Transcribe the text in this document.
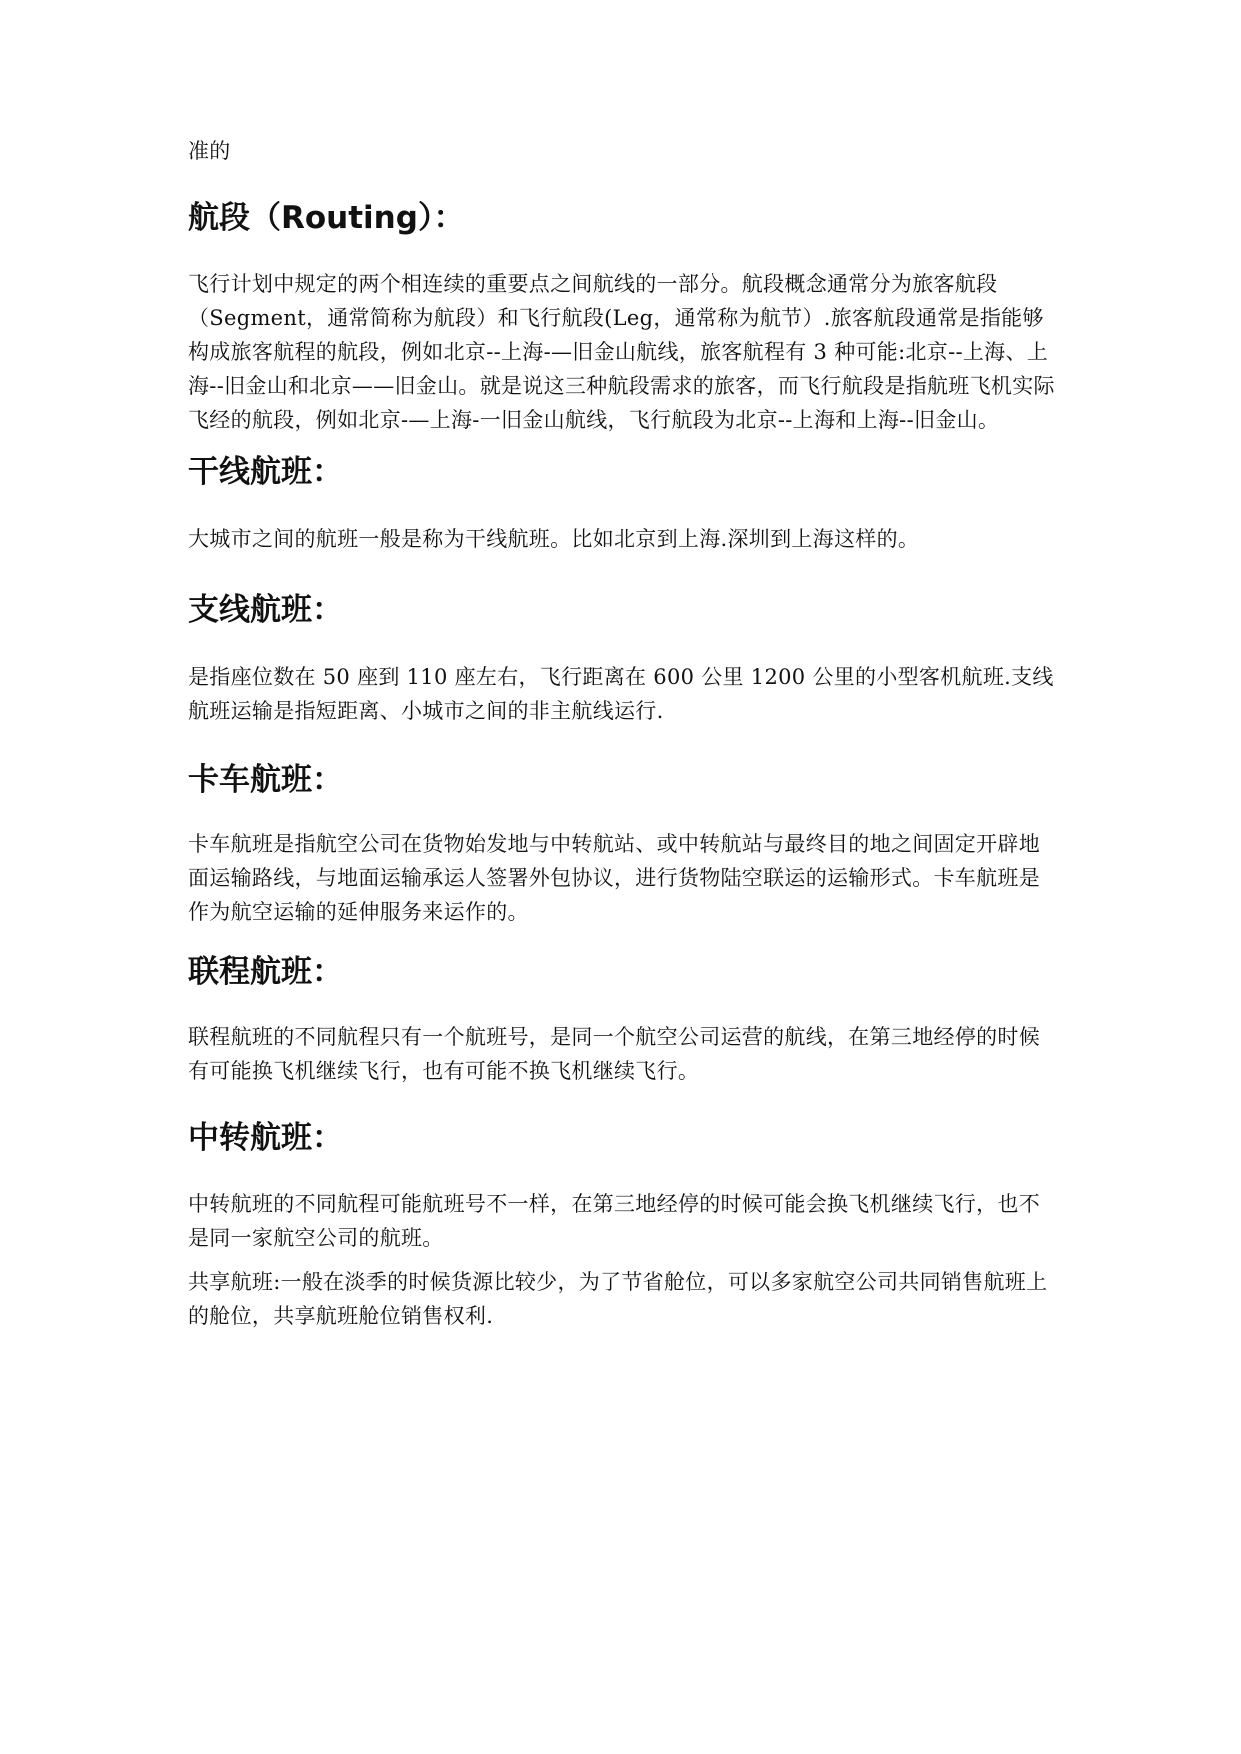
准的

航段（Routing）：

飞行计划中规定的两个相连续的重要点之间航线的一部分。航段概念通常分为旅客航段（Segment，通常简称为航段）和飞行航段(Leg，通常称为航节）.旅客航段通常是指能够构成旅客航程的航段，例如北京--上海-—旧金山航线，旅客航程有 3 种可能:北京--上海、上海--旧金山和北京——旧金山。就是说这三种航段需求的旅客，而飞行航段是指航班飞机实际飞经的航段，例如北京-—上海-一旧金山航线，飞行航段为北京--上海和上海--旧金山。

干线航班：

大城市之间的航班一般是称为干线航班。比如北京到上海.深圳到上海这样的。

支线航班：

是指座位数在 50 座到 110 座左右，飞行距离在 600 公里 1200 公里的小型客机航班.支线航班运输是指短距离、小城市之间的非主航线运行.

卡车航班：

卡车航班是指航空公司在货物始发地与中转航站、或中转航站与最终目的地之间固定开辟地面运输路线，与地面运输承运人签署外包协议，进行货物陆空联运的运输形式。卡车航班是作为航空运输的延伸服务来运作的。

联程航班：

联程航班的不同航程只有一个航班号，是同一个航空公司运营的航线，在第三地经停的时候有可能换飞机继续飞行，也有可能不换飞机继续飞行。

中转航班：

中转航班的不同航程可能航班号不一样，在第三地经停的时候可能会换飞机继续飞行，也不是同一家航空公司的航班。

共享航班:一般在淡季的时候货源比较少，为了节省舱位，可以多家航空公司共同销售航班上的舱位，共享航班舱位销售权利.
